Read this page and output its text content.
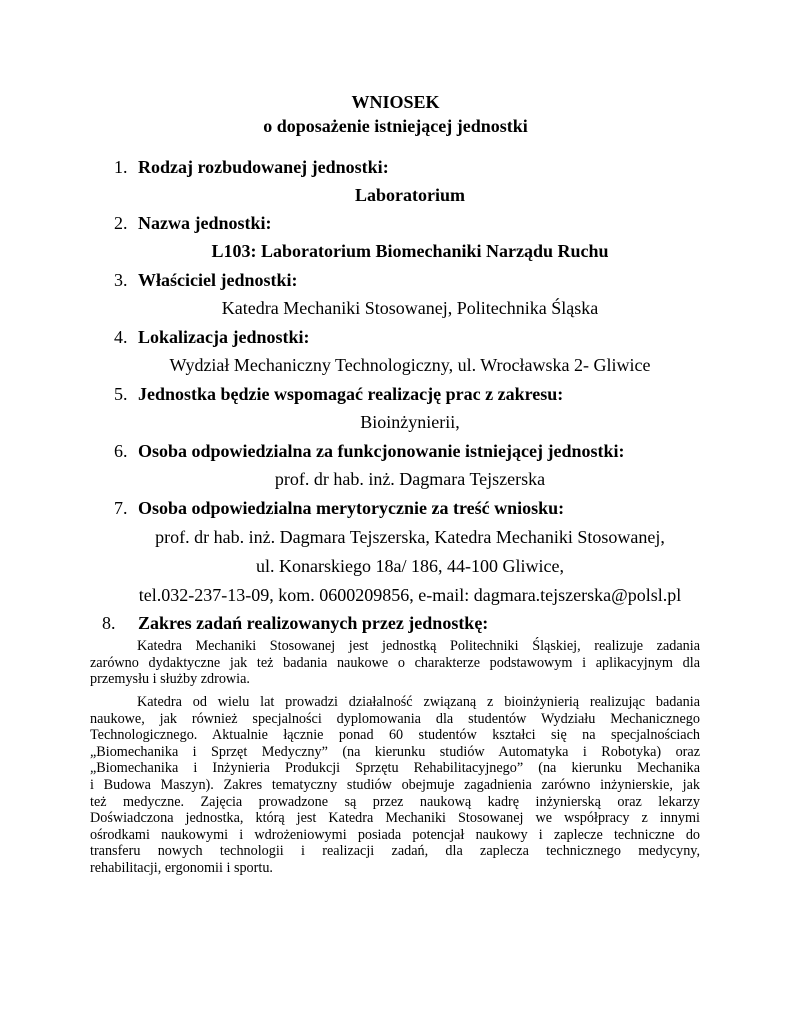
WNIOSEK
o doposażenie istniejącej jednostki
1. Rodzaj rozbudowanej jednostki:
Laboratorium
2. Nazwa jednostki:
L103: Laboratorium Biomechaniki Narządu Ruchu
3. Właściciel jednostki:
Katedra Mechaniki Stosowanej, Politechnika Śląska
4. Lokalizacja jednostki:
Wydział Mechaniczny Technologiczny, ul. Wrocławska 2- Gliwice
5. Jednostka będzie wspomagać realizację prac z zakresu:
Bioinżynierii,
6. Osoba odpowiedzialna za funkcjonowanie istniejącej jednostki:
prof. dr hab. inż. Dagmara Tejszerska
7. Osoba odpowiedzialna merytorycznie za treść wniosku:
prof. dr hab. inż. Dagmara Tejszerska, Katedra Mechaniki Stosowanej,
ul. Konarskiego 18a/ 186, 44-100 Gliwice,
tel.032-237-13-09, kom. 0600209856, e-mail: dagmara.tejszerska@polsl.pl
8. Zakres zadań realizowanych przez jednostkę:
Katedra Mechaniki Stosowanej jest jednostką Politechniki Śląskiej, realizuje zadania
zarówno dydaktyczne jak też badania naukowe o charakterze podstawowym i aplikacyjnym dla
przemysłu i służby zdrowia.
Katedra od wielu lat prowadzi działalność związaną z bioinżynierią realizując badania
naukowe, jak również specjalności dyplomowania dla studentów Wydziału Mechanicznego
Technologicznego. Aktualnie łącznie ponad 60 studentów kształci się na specjalnościach
„Biomechanika i Sprzęt Medyczny” (na kierunku studiów Automatyka i Robotyka) oraz
„Biomechanika i Inżynieria Produkcji Sprzętu Rehabilitacyjnego” (na kierunku Mechanika
i Budowa Maszyn). Zakres tematyczny studiów obejmuje zagadnienia zarówno inżynierskie, jak
też medyczne. Zajęcia prowadzone są przez naukową kadrę inżynierską oraz lekarzy
Doświadczona jednostka, którą jest Katedra Mechaniki Stosowanej we współpracy z innymi
ośrodkami naukowymi i wdrożeniowymi posiada potencjał naukowy i zaplecze techniczne do
transferu nowych technologii i realizacji zadań, dla zaplecza technicznego medycyny,
rehabilitacji, ergonomii i sportu.
